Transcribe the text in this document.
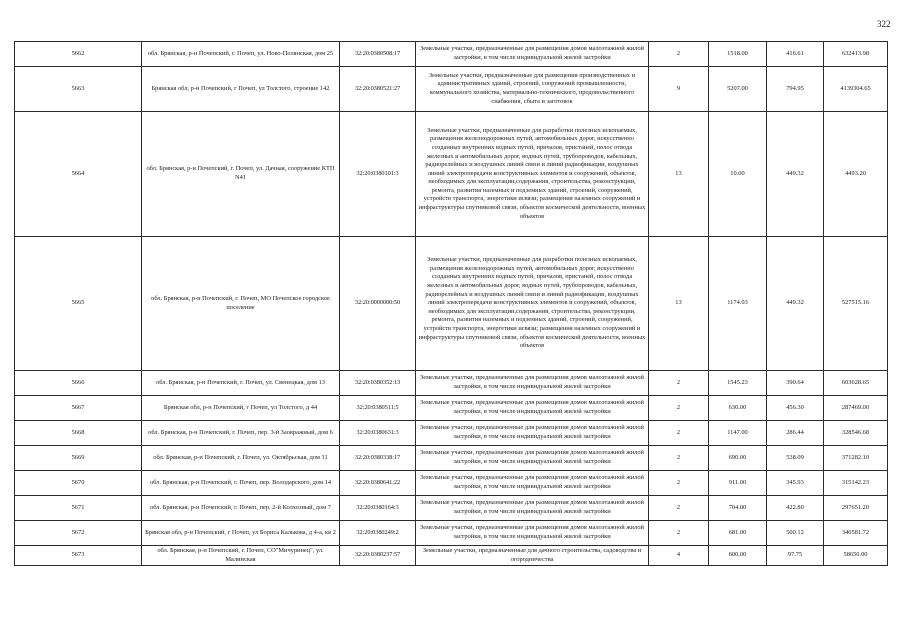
322
5662	обл. Брянская, р-н Почепский, г. Почеп, ул. Ново-Полянская, дом 25	32:20:0380508:17	Земельные участки, предназначенные для размещения домов малоэтажной жилой застройки, в том числе индивидуальной жилой застройки	2	1518.00	416.61	632413.98

5663	Брянская обл, р-н Почепский, г Почеп, ул Толстого, строение 142	32:20:0380521:27	Земельные участки, предназначенные для размещения производственных и административных зданий, строений, сооружений промышленности, коммунального хозяйства, материально-технического, продовольственного снабжения, сбыта и заготовок	9	5207.00	794.95	4139304.65

5664	обл. Брянская, р-н Почепский, г. Почеп, ул. Дачная, сооружение КТП N41	32:20:0380101:3	Земельные участки, предназначенные для разработки полезных ископаемых, размещения железнодорожных путей, автомобильных дорог, искусственно созданных внутренних водных путей, причалов, пристаней, полос отвода железных и автомобильных дорог, водных путей, трубопроводов, кабельных, радиорелейных и воздушных линий связи и линий радиофикации, воздушных линий электропередачи конструктивных элементов и сооружений, объектов, необходимых для эксплуатации,содержания, строительства, реконструкции, ремонта, развития наземных и подземных зданий, строений, сооружений, устройств транспорта, энергетики исвязи; размещения наземных сооружений и инфраструктуры спутниковой связи, объектов космической деятельности, военных объектов	13	10.00	449.32	4493.20

5665	обл. Брянская, р-н Почепский, г. Почеп, МО Почепское городское поселение	32:20:0000000:50	Земельные участки, предназначенные для разработки полезных ископаемых, размещения железнодорожных путей, автомобильных дорог, искусственно созданных внутренних водных путей, причалов, пристаней, полос отвода железных и автомобильных дорог, водных путей, трубопроводов, кабельных, радиорелейных и воздушных линий связи и линий радиофикации, воздушных линий электропередачи конструктивных элементов и сооружений, объектов, необходимых для эксплуатации,содержания, строительства, реконструкции, ремонта, развития наземных и подземных зданий, строений, сооружений, устройств транспорта, энергетики исвязи; размещения наземных сооружений и инфраструктуры спутниковой связи, объектов космической деятельности, военных объектов	13	1174.03	449.32	527515.16

5666	обл. Брянская, р-н Почепский, г. Почеп, ул. Свенецкая, дом 13	32:20:0380352:13	Земельные участки, предназначенные для размещения домов малоэтажной жилой застройки, в том числе индивидуальной жилой застройки	2	1545.23	390.64	603628.65

5667	Брянская обл, р-н Почепский, г Почеп, ул Толстого, д 44	32:20:0380511:5	Земельные участки, предназначенные для размещения домов малоэтажной жилой застройки, в том числе индивидуальной жилой застройки	2	630.00	456.30	287469.00

5668	обл. Брянская, р-н Почепский, г. Почеп, пер. 3-й Заовражный, дом 6	32:20:0380631:3	Земельные участки, предназначенные для размещения домов малоэтажной жилой застройки, в том числе индивидуальной жилой застройки	2	1147.00	286.44	328546.68

5669	обл. Брянская, р-н Почепский, г. Почеп, ул. Октябрьская, дом 11	32:20:0380338:17	Земельные участки, предназначенные для размещения домов малоэтажной жилой застройки, в том числе индивидуальной жилой застройки	2	690.00	538.09	371282.10

5670	обл. Брянская, р-н Почепский, г. Почеп, пер. Володарского, дом 14	32:20:0380641:22	Земельные участки, предназначенные для размещения домов малоэтажной жилой застройки, в том числе индивидуальной жилой застройки	2	911.00	345.93	315142.23

5671	обл. Брянская, р-н Почепский, г. Почеп, пер. 2-й Колхозный, дом 7	32:20:0380164:3	Земельные участки, предназначенные для размещения домов малоэтажной жилой застройки, в том числе индивидуальной жилой застройки	2	704.00	422.80	297651.20

5672	Брянская обл, р-н Почепский, г Почеп, ул Бориса Калькова, д 4-а, кв 2	32:20:0380249:2	Земельные участки, предназначенные для размещения домов малоэтажной жилой застройки, в том числе индивидуальной жилой застройки	2	681.00	500.12	340581.72

5673	обл. Брянская, р-н Почепский, г. Почеп, СО"Мичуринец", ул. Малинская	32:20:0380237:57	Земельные участки, предназначенные для дачного строительства, садоводства и огородничества	4	600.00	97.75	58650.00
